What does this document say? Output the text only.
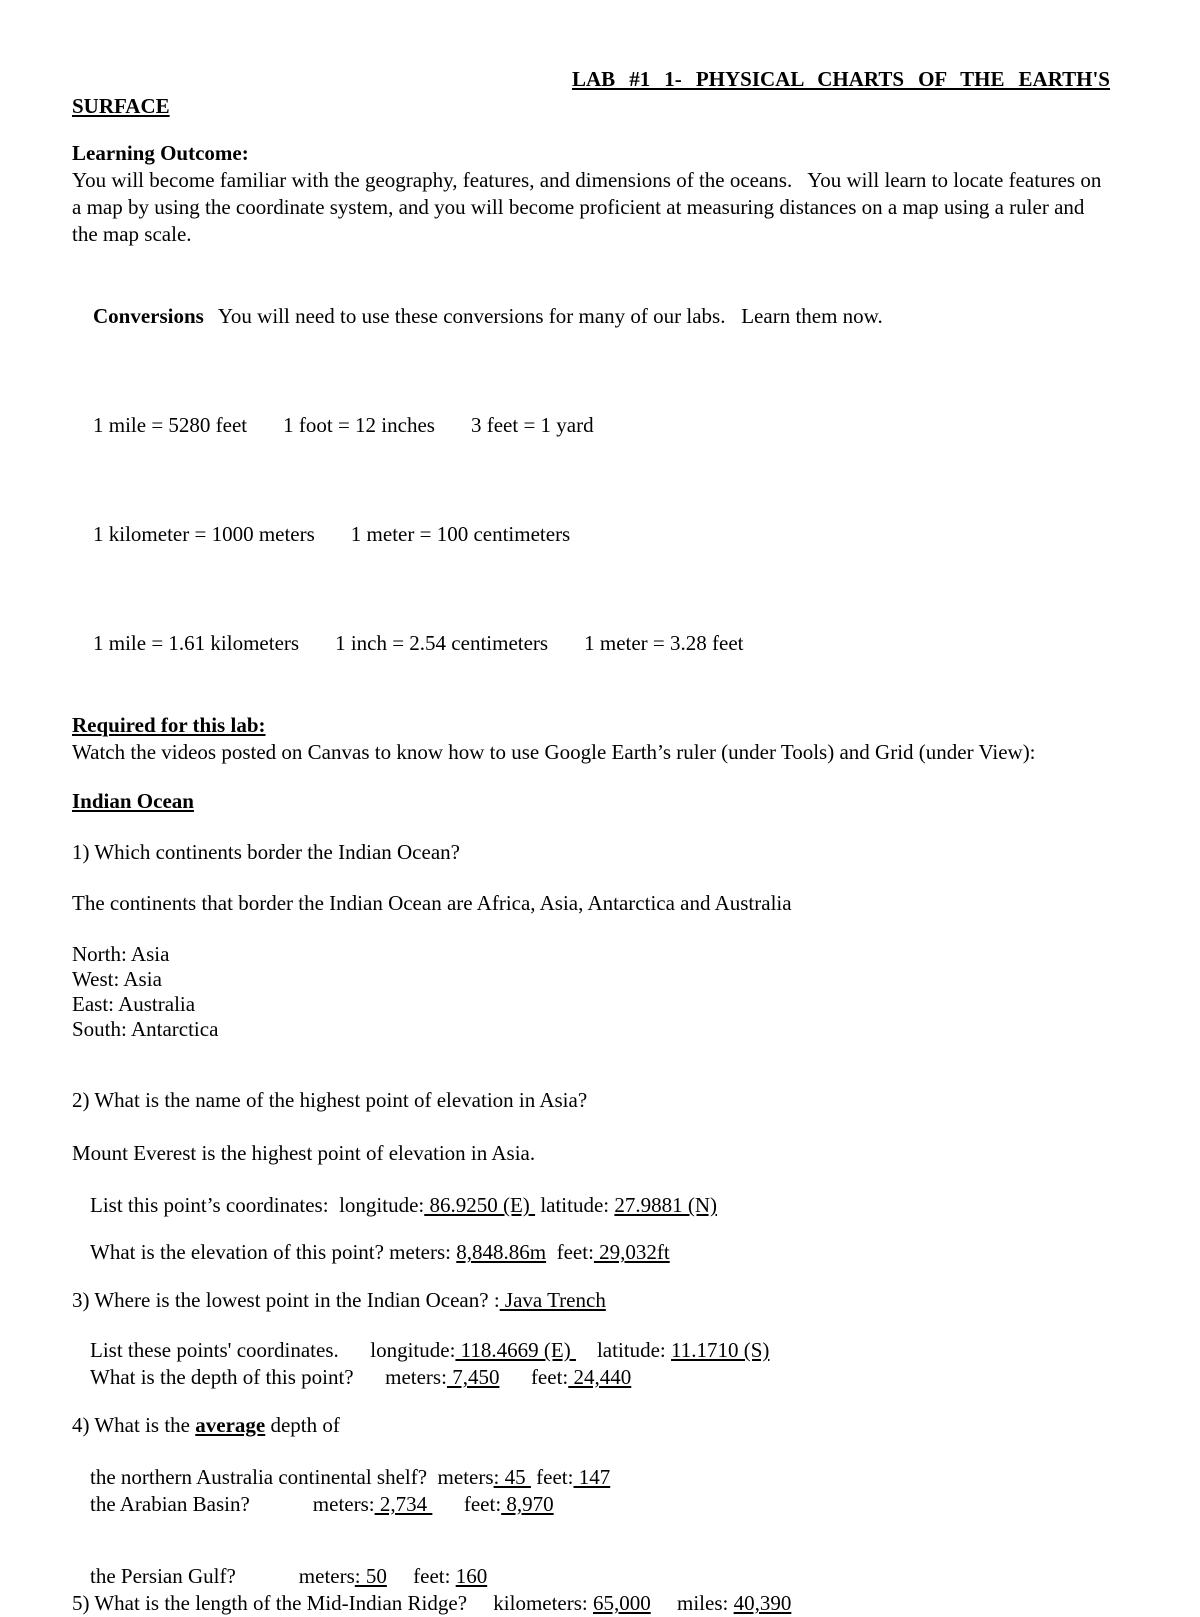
LAB #1 1- PHYSICAL CHARTS OF THE EARTH'S
SURFACE
Learning Outcome:
You will become familiar with the geography, features, and dimensions of the oceans.   You will learn to locate features on a map by using the coordinate system, and you will become proficient at measuring distances on a map using a ruler and the map scale.

Conversions You will need to use these conversions for many of our labs.   Learn them now.

1 mile = 5280 feet 1 foot = 12 inches 3 feet = 1 yard

1 kilometer = 1000 meters 1 meter = 100 centimeters

1 mile = 1.61 kilometers 1 inch = 2.54 centimeters 1 meter = 3.28 feet

Required for this lab:
Watch the videos posted on Canvas to know how to use Google Earth’s ruler (under Tools) and Grid (under View):
Indian Ocean
1) Which continents border the Indian Ocean?
The continents that border the Indian Ocean are Africa, Asia, Antarctica and Australia
North: Asia
West: Asia
East: Australia
South: Antarctica
2) What is the name of the highest point of elevation in Asia?
Mount Everest is the highest point of elevation in Asia.
List this point’s coordinates:  longitude: 86.9250 (E)  latitude: 27.9881 (N)
What is the elevation of this point? meters: 8,848.86m  feet: 29,032ft
3) Where is the lowest point in the Indian Ocean? : Java Trench
List these points' coordinates.      longitude: 118.4669 (E)     latitude: 11.1710 (S)
What is the depth of this point?      meters: 7,450      feet: 24,440
4) What is the average depth of
the northern Australia continental shelf?  meters: 45  feet: 147
the Arabian Basin?            meters: 2,734       feet: 8,970
the Persian Gulf?            meters: 50     feet: 160
5) What is the length of the Mid-Indian Ridge?     kilometers: 65,000     miles: 40,390
